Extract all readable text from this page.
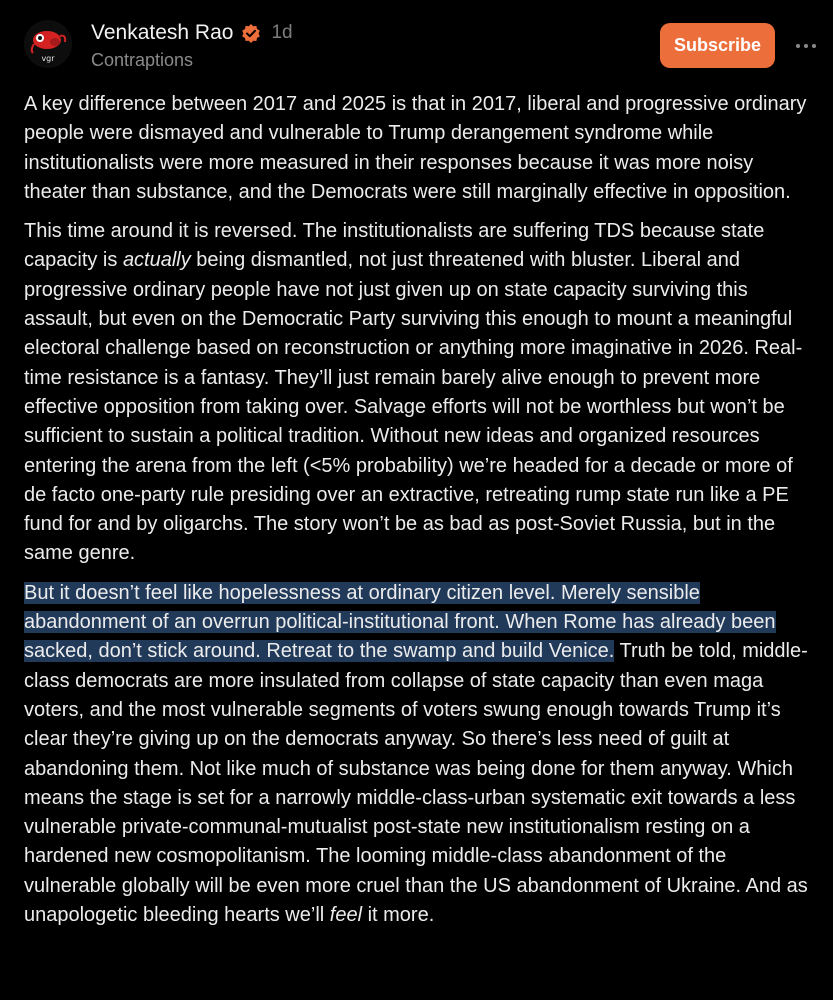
vgr
Venkatesh Rao 1d
Contraptions
Subscribe

A key difference between 2017 and 2025 is that in 2017, liberal and progressive ordinary people were dismayed and vulnerable to Trump derangement syndrome while institutionalists were more measured in their responses because it was more noisy theater than substance, and the Democrats were still marginally effective in opposition.

This time around it is reversed. The institutionalists are suffering TDS because state capacity is actually being dismantled, not just threatened with bluster. Liberal and progressive ordinary people have not just given up on state capacity surviving this assault, but even on the Democratic Party surviving this enough to mount a meaningful electoral challenge based on reconstruction or anything more imaginative in 2026. Real-time resistance is a fantasy. They’ll just remain barely alive enough to prevent more effective opposition from taking over. Salvage efforts will not be worthless but won’t be sufficient to sustain a political tradition. Without new ideas and organized resources entering the arena from the left (<5% probability) we’re headed for a decade or more of de facto one-party rule presiding over an extractive, retreating rump state run like a PE fund for and by oligarchs. The story won’t be as bad as post-Soviet Russia, but in the same genre.

But it doesn’t feel like hopelessness at ordinary citizen level. Merely sensible abandonment of an overrun political-institutional front. When Rome has already been sacked, don’t stick around. Retreat to the swamp and build Venice. Truth be told, middle-class democrats are more insulated from collapse of state capacity than even maga voters, and the most vulnerable segments of voters swung enough towards Trump it’s clear they’re giving up on the democrats anyway. So there’s less need of guilt at abandoning them. Not like much of substance was being done for them anyway. Which means the stage is set for a narrowly middle-class-urban systematic exit towards a less vulnerable private-communal-mutualist post-state new institutionalism resting on a hardened new cosmopolitanism. The looming middle-class abandonment of the vulnerable globally will be even more cruel than the US abandonment of Ukraine. And as unapologetic bleeding hearts we’ll feel it more.
